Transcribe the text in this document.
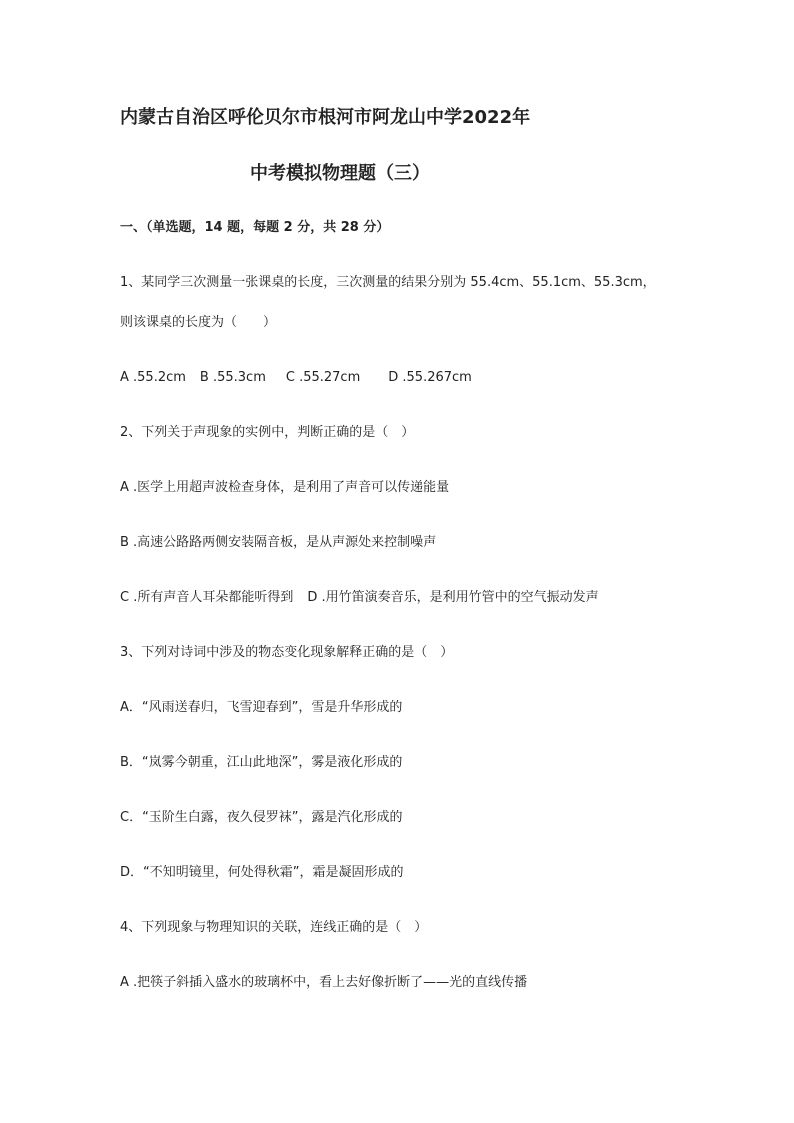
内蒙古自治区呼伦贝尔市根河市阿龙山中学2022年
中考模拟物理题（三）
一、（单选题，14 题，每题 2 分，共 28 分）
1、某同学三次测量一张课桌的长度，三次测量的结果分别为 55.4cm、55.1cm、55.3cm，
则该课桌的长度为（　　）
A .55.2cm B .55.3cm C .55.27cm D .55.267cm
2、下列关于声现象的实例中，判断正确的是（　）
A .医学上用超声波检查身体，是利用了声音可以传递能量
B .高速公路路两侧安装隔音板，是从声源处来控制噪声
C .所有声音人耳朵都能听得到 D .用竹笛演奏音乐，是利用竹管中的空气振动发声
3、下列对诗词中涉及的物态变化现象解释正确的是（　）
A．“风雨送春归，飞雪迎春到”，雪是升华形成的
B．“岚雾今朝重，江山此地深”，雾是液化形成的
C．“玉阶生白露，夜久侵罗袜”，露是汽化形成的
D．“不知明镜里，何处得秋霜”，霜是凝固形成的
4、下列现象与物理知识的关联，连线正确的是（　）
A .把筷子斜插入盛水的玻璃杯中，看上去好像折断了——光的直线传播
